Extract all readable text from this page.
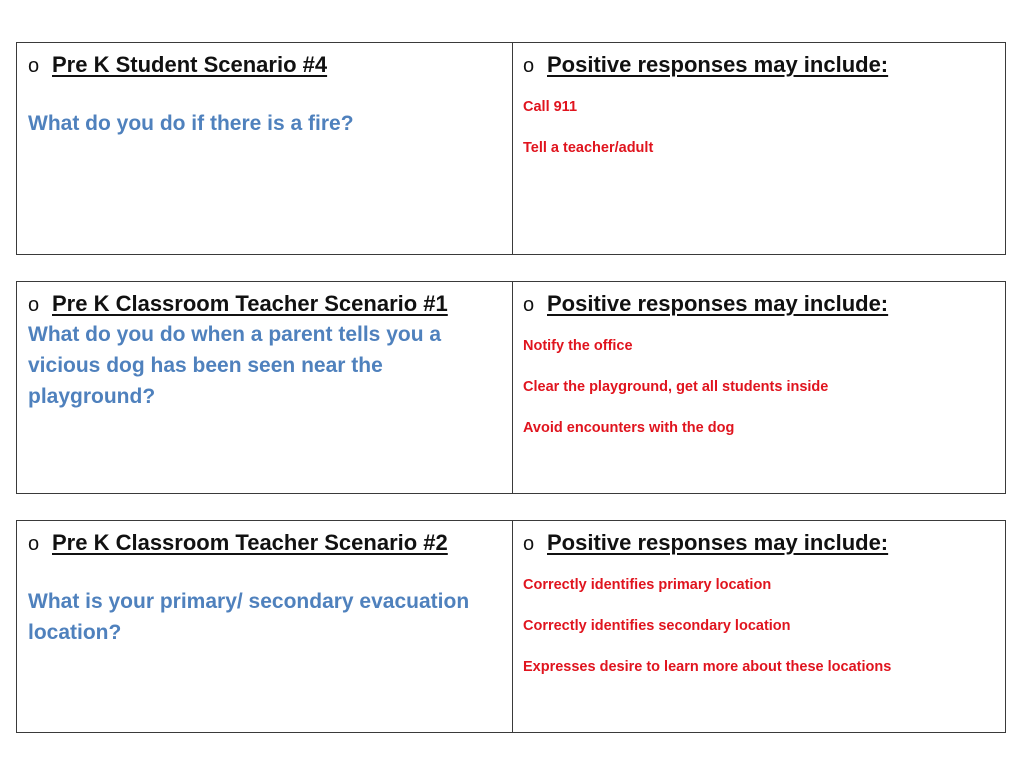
o Pre K Student Scenario #4
What do you do if there is a fire?
o Positive responses may include:
Call 911
Tell a teacher/adult
o Pre K Classroom Teacher Scenario #1
What do you do when a parent tells you a vicious dog has been seen near the playground?
o Positive responses may include:
Notify the office
Clear the playground, get all students inside
Avoid encounters with the dog
o Pre K Classroom Teacher Scenario #2
What is your primary/ secondary evacuation location?
o Positive responses may include:
Correctly identifies primary location
Correctly identifies secondary location
Expresses desire to learn more about these locations
